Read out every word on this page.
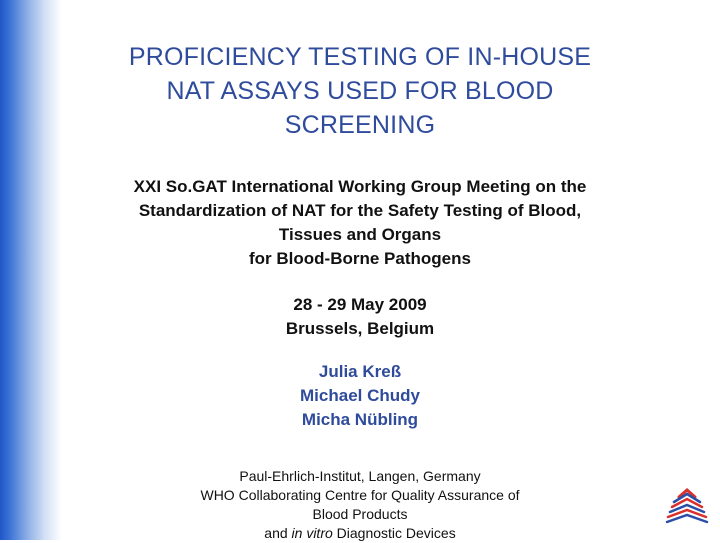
PROFICIENCY TESTING OF IN-HOUSE
NAT ASSAYS USED FOR BLOOD
SCREENING
XXI So.GAT International Working Group Meeting on the
Standardization of NAT for the Safety Testing of Blood,
Tissues and Organs
for Blood-Borne Pathogens
28 - 29 May 2009
Brussels, Belgium
Julia Kreß
Michael Chudy
Micha Nübling
Paul-Ehrlich-Institut, Langen, Germany
WHO Collaborating Centre for Quality Assurance of
Blood Products
and in vitro Diagnostic Devices
